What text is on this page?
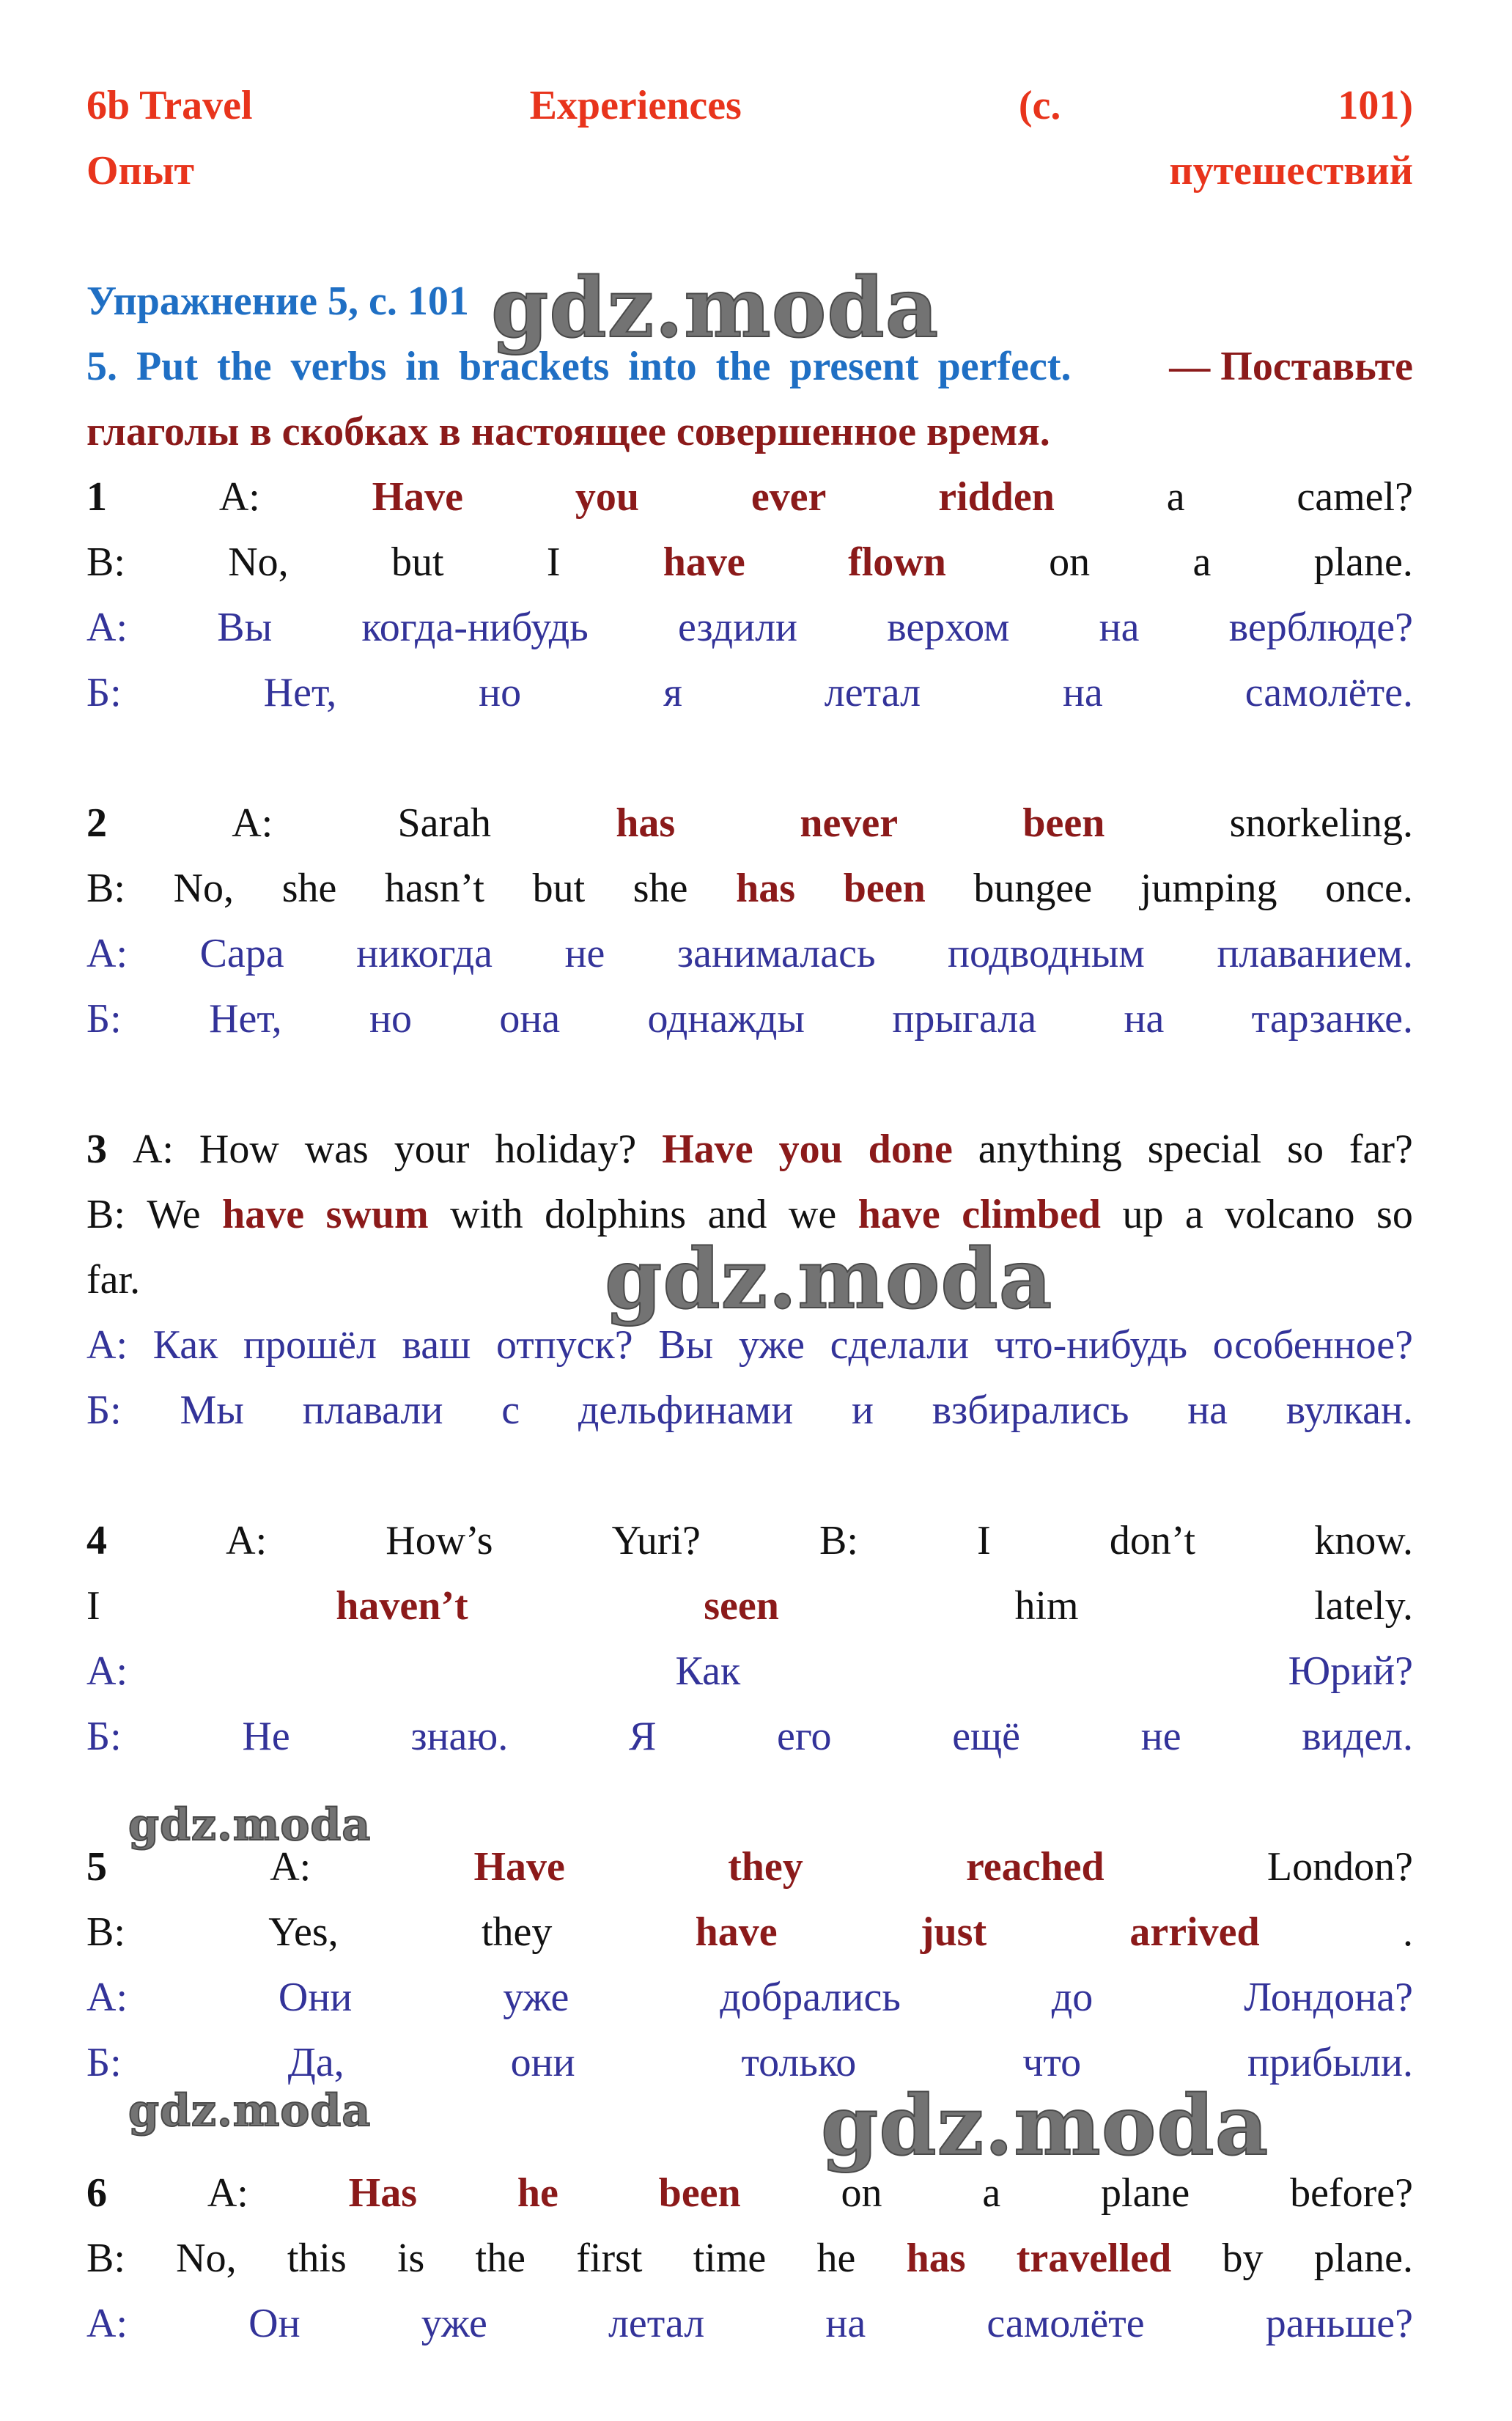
6b Travel	Experiences	(с.	101)
Опыт	путешествий
Упражнение 5, с. 101
5. Put the verbs in brackets into the present perfect. — Поставьте
глаголы в скобках в настоящее совершенное время.
1	A:	Have	you	ever	ridden	a	camel?
B:	No,	but	I	have	flown	on	a	plane.
А: Вы когда-нибудь ездили верхом на верблюде?
Б:	Нет,	но	я	летал	на	самолёте.
2	A:	Sarah	has	never	been	snorkeling.
B: No, she hasn’t but she has been bungee jumping once.
А: Сара никогда не занималась подводным плаванием.
Б: Нет, но она однажды прыгала на тарзанке.
3 A: How was your holiday? Have you done anything special so far?
B: We have swum with dolphins and we have climbed up a volcano so
far.
А: Как прошёл ваш отпуск? Вы уже сделали что-нибудь особенное?
Б: Мы плавали с дельфинами и взбирались на вулкан.
4	A:	How’s	Yuri?	B:	I	don’t	know.
I	haven’t	seen	him	lately.
А:	Как	Юрий?
Б:	Не	знаю.	Я	его	ещё	не	видел.
5	A:	Have	they	reached	London?
B:	Yes,	they	have	just	arrived	.
А:	Они	уже	добрались	до	Лондона?
Б:	Да,	они	только	что	прибыли.
6 A: Has he been on a plane before?
B: No, this is the first time he has travelled by plane.
А:	Он	уже	летал	на	самолёте	раньше?
gdz.moda
gdz.moda
gdz.moda
gdz.moda	gdz.moda
